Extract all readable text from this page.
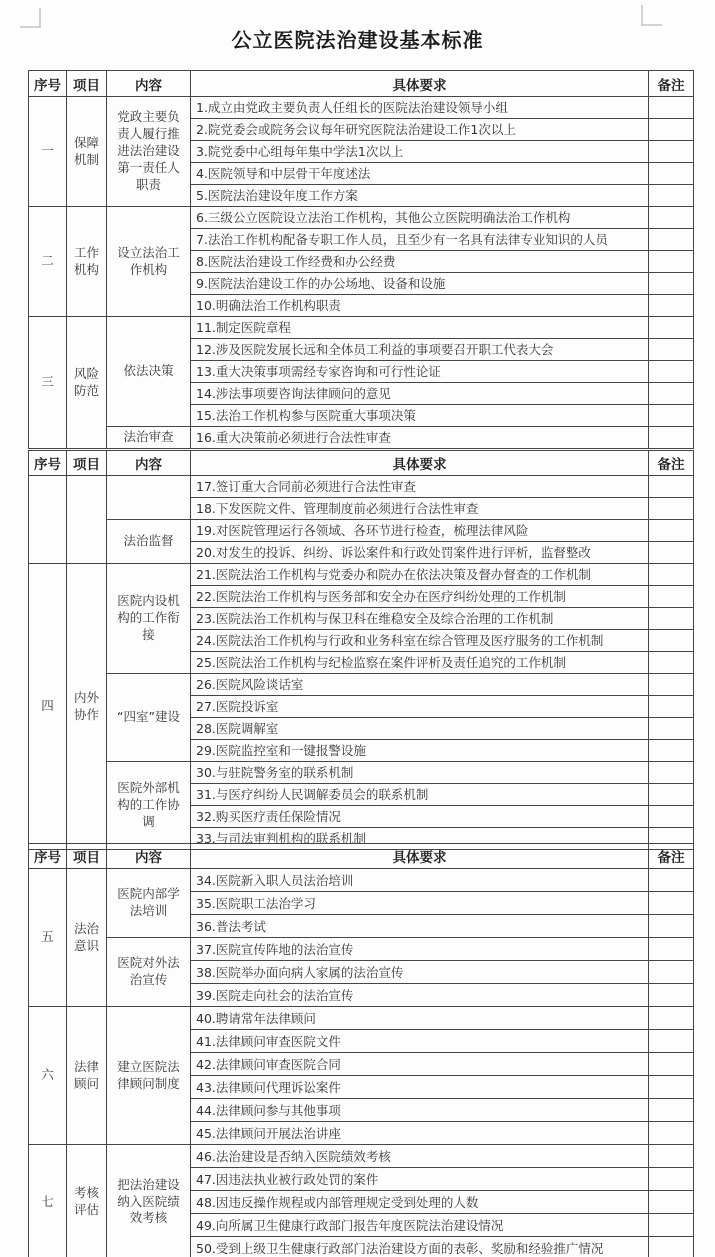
公立医院法治建设基本标准
序号	项目	内容	具体要求	备注
一	保障机制	党政主要负责人履行推进法治建设第一责任人职责	1.成立由党政主要负责人任组长的医院法治建设领导小组	
			2.院党委会或院务会议每年研究医院法治建设工作1次以上	
			3.院党委中心组每年集中学法1次以上	
			4.医院领导和中层骨干年度述法	
			5.医院法治建设年度工作方案	
二	工作机构	设立法治工作机构	6.三级公立医院设立法治工作机构，其他公立医院明确法治工作机构	
			7.法治工作机构配备专职工作人员，且至少有一名具有法律专业知识的人员	
			8.医院法治建设工作经费和办公经费	
			9.医院法治建设工作的办公场地、设备和设施	
			10.明确法治工作机构职责	
三	风险防范	依法决策	11.制定医院章程	
			12.涉及医院发展长远和全体员工利益的事项要召开职工代表大会	
			13.重大决策事项需经专家咨询和可行性论证	
			14.涉法事项要咨询法律顾问的意见	
			15.法治工作机构参与医院重大事项决策	
		法治审查	16.重大决策前必须进行合法性审查	
序号	项目	内容	具体要求	备注
			17.签订重大合同前必须进行合法性审查	
			18.下发医院文件、管理制度前必须进行合法性审查	
		法治监督	19.对医院管理运行各领域、各环节进行检查，梳理法律风险	
			20.对发生的投诉、纠纷、诉讼案件和行政处罚案件进行评析，监督整改	
四	内外协作	医院内设机构的工作衔接	21.医院法治工作机构与党委办和院办在依法决策及督办督查的工作机制	
			22.医院法治工作机构与医务部和安全办在医疗纠纷处理的工作机制	
			23.医院法治工作机构与保卫科在维稳安全及综合治理的工作机制	
			24.医院法治工作机构与行政和业务科室在综合管理及医疗服务的工作机制	
			25.医院法治工作机构与纪检监察在案件评析及责任追究的工作机制	
		“四室”建设	26.医院风险谈话室	
			27.医院投诉室	
			28.医院调解室	
			29.医院监控室和一键报警设施	
		医院外部机构的工作协调	30.与驻院警务室的联系机制	
			31.与医疗纠纷人民调解委员会的联系机制	
			32.购买医疗责任保险情况	
			33.与司法审判机构的联系机制	
序号	项目	内容	具体要求	备注
五	法治意识	医院内部学法培训	34.医院新入职人员法治培训	
			35.医院职工法治学习	
			36.普法考试	
		医院对外法治宣传	37.医院宣传阵地的法治宣传	
			38.医院举办面向病人家属的法治宣传	
			39.医院走向社会的法治宣传	
六	法律顾问	建立医院法律顾问制度	40.聘请常年法律顾问	
			41.法律顾问审查医院文件	
			42.法律顾问审查医院合同	
			43.法律顾问代理诉讼案件	
			44.法律顾问参与其他事项	
			45.法律顾问开展法治讲座	
七	考核评估	把法治建设纳入医院绩效考核	46.法治建设是否纳入医院绩效考核	
			47.因违法执业被行政处罚的案件	
			48.因违反操作规程或内部管理规定受到处理的人数	
			49.向所属卫生健康行政部门报告年度医院法治建设情况	
			50.受到上级卫生健康行政部门法治建设方面的表彰、奖励和经验推广情况	
